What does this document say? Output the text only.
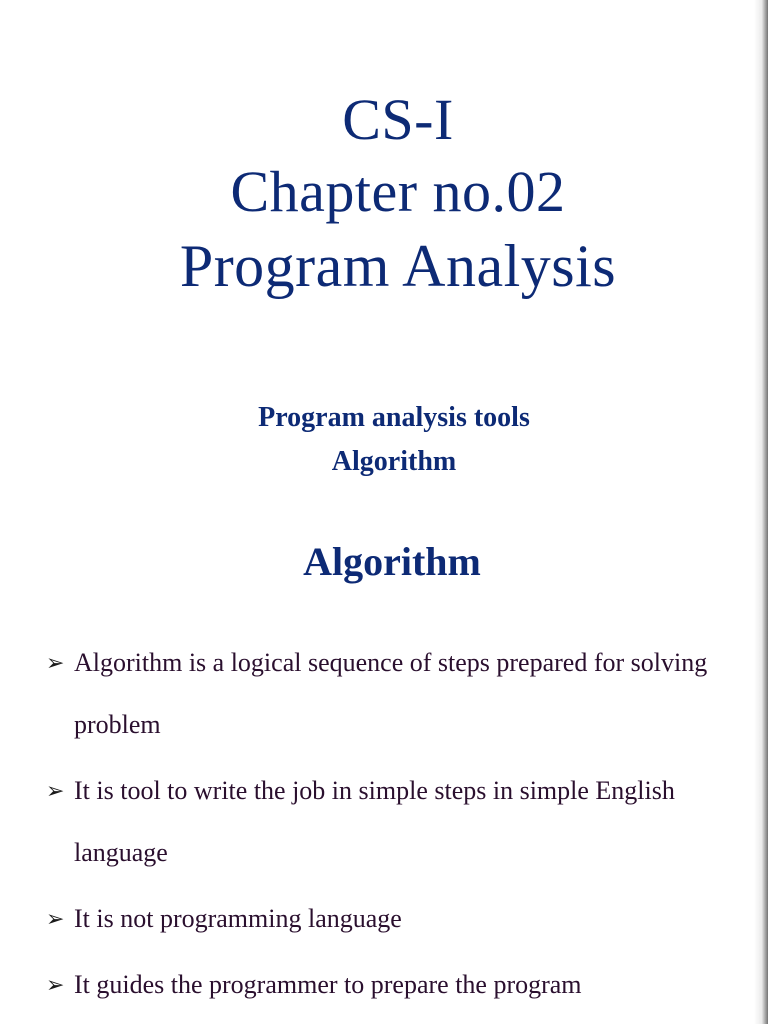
CS-I
Chapter no.02
Program Analysis
Program analysis tools
Algorithm
Algorithm
➢ Algorithm is a logical sequence of steps prepared for solving problem
➢ It is tool to write the job in simple steps in simple English language
➢ It is not programming language
➢ It guides the programmer to prepare the program
